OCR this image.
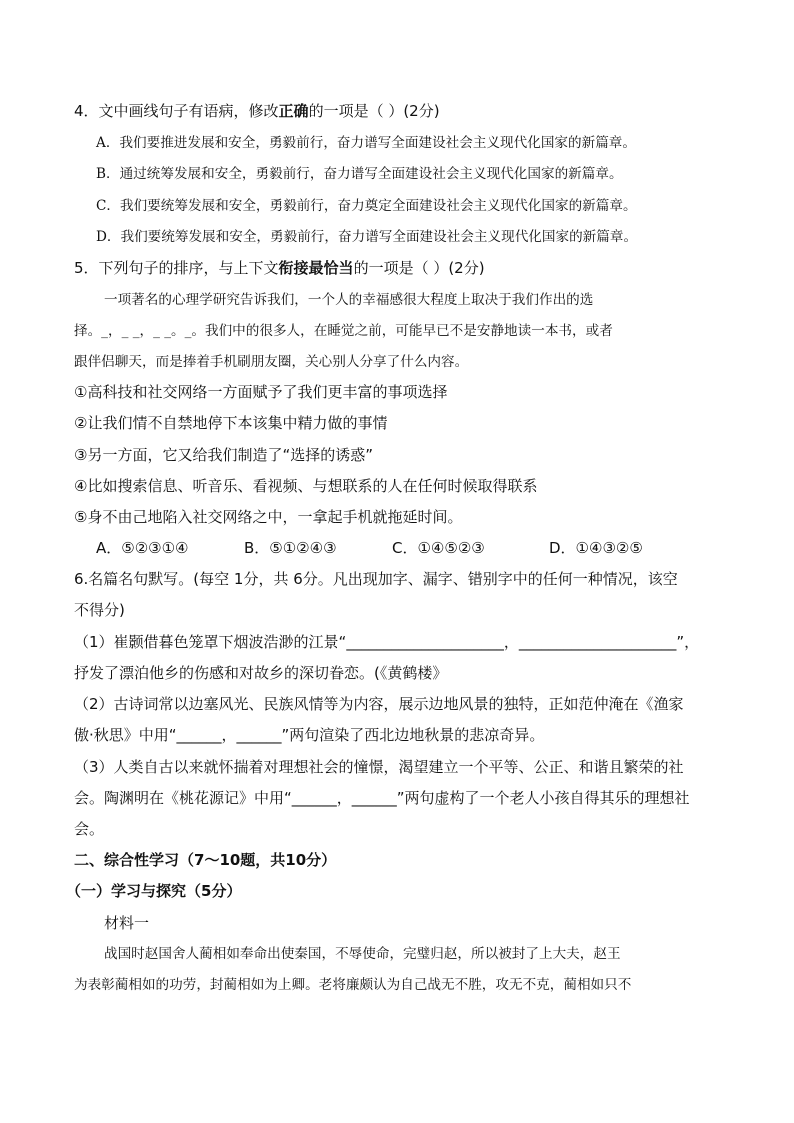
4．文中画线句子有语病，修改正确的一项是（ ）(2分)
A．我们要推进发展和安全，勇毅前行，奋力谱写全面建设社会主义现代化国家的新篇章。
B．通过统筹发展和安全，勇毅前行，奋力谱写全面建设社会主义现代化国家的新篇章。
C．我们要统筹发展和安全，勇毅前行，奋力奠定全面建设社会主义现代化国家的新篇章。
D．我们要统筹发展和安全，勇毅前行，奋力谱写全面建设社会主义现代化国家的新篇章。
5．下列句子的排序，与上下文衔接最恰当的一项是（ ）(2分)
一项著名的心理学研究告诉我们，一个人的幸福感很大程度上取决于我们作出的选
择。_，_ _，_ _。_。我们中的很多人，在睡觉之前，可能早已不是安静地读一本书，或者
跟伴侣聊天，而是捧着手机刷朋友圈，关心别人分享了什么内容。
①高科技和社交网络一方面赋予了我们更丰富的事项选择
②让我们情不自禁地停下本该集中精力做的事情
③另一方面，它又给我们制造了“选择的诱惑”
④比如搜索信息、听音乐、看视频、与想联系的人在任何时候取得联系
⑤身不由己地陷入社交网络之中，一拿起手机就拖延时间。
A．⑤②③①④	B．⑤①②④③	C．①④⑤②③	D．①④③②⑤
6.名篇名句默写。(每空 1分，共 6分。凡出现加字、漏字、错别字中的任何一种情况，该空
不得分)
（1）崔颢借暮色笼罩下烟波浩渺的江景“_____________________，_____________________”，
抒发了漂泊他乡的伤感和对故乡的深切眷恋。(《黄鹤楼》
（2）古诗词常以边塞风光、民族风情等为内容，展示边地风景的独特，正如范仲淹在《渔家
傲·秋思》中用“______，______”两句渲染了西北边地秋景的悲凉奇异。
（3）人类自古以来就怀揣着对理想社会的憧憬，渴望建立一个平等、公正、和谐且繁荣的社
会。陶渊明在《桃花源记》中用“______，______”两句虚构了一个老人小孩自得其乐的理想社
会。
二、综合性学习（7～10题，共10分）
（一）学习与探究（5分）
材料一
战国时赵国舍人蔺相如奉命出使秦国，不辱使命，完璧归赵，所以被封了上大夫，赵王
为表彰蔺相如的功劳，封蔺相如为上卿。老将廉颇认为自己战无不胜，攻无不克，蔺相如只不
